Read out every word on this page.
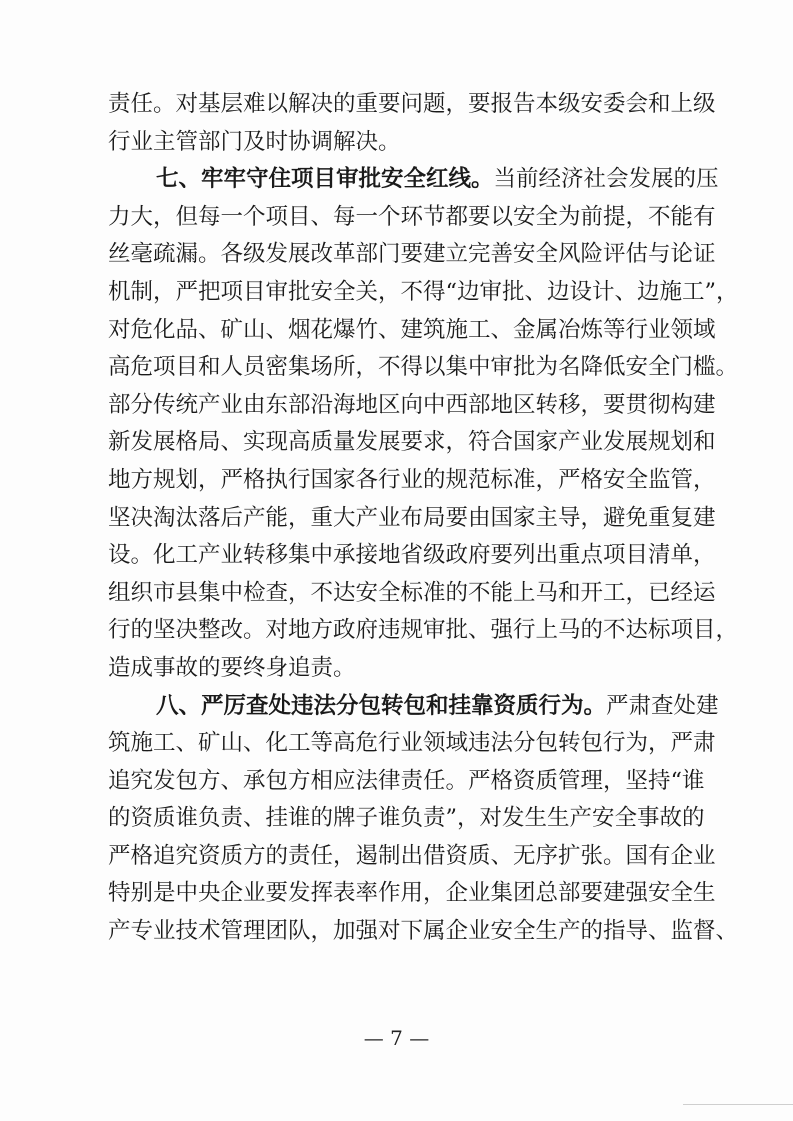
责任。对基层难以解决的重要问题，要报告本级安委会和上级
行业主管部门及时协调解决。
七、牢牢守住项目审批安全红线。当前经济社会发展的压
力大，但每一个项目、每一个环节都要以安全为前提，不能有
丝毫疏漏。各级发展改革部门要建立完善安全风险评估与论证
机制，严把项目审批安全关，不得“边审批、边设计、边施工”，
对危化品、矿山、烟花爆竹、建筑施工、金属冶炼等行业领域
高危项目和人员密集场所，不得以集中审批为名降低安全门槛。
部分传统产业由东部沿海地区向中西部地区转移，要贯彻构建
新发展格局、实现高质量发展要求，符合国家产业发展规划和
地方规划，严格执行国家各行业的规范标准，严格安全监管，
坚决淘汰落后产能，重大产业布局要由国家主导，避免重复建
设。化工产业转移集中承接地省级政府要列出重点项目清单，
组织市县集中检查，不达安全标准的不能上马和开工，已经运
行的坚决整改。对地方政府违规审批、强行上马的不达标项目，
造成事故的要终身追责。
八、严厉查处违法分包转包和挂靠资质行为。严肃查处建
筑施工、矿山、化工等高危行业领域违法分包转包行为，严肃
追究发包方、承包方相应法律责任。严格资质管理，坚持“谁
的资质谁负责、挂谁的牌子谁负责”，对发生生产安全事故的
严格追究资质方的责任，遏制出借资质、无序扩张。国有企业
特别是中央企业要发挥表率作用，企业集团总部要建强安全生
产专业技术管理团队，加强对下属企业安全生产的指导、监督、
— 7 —
